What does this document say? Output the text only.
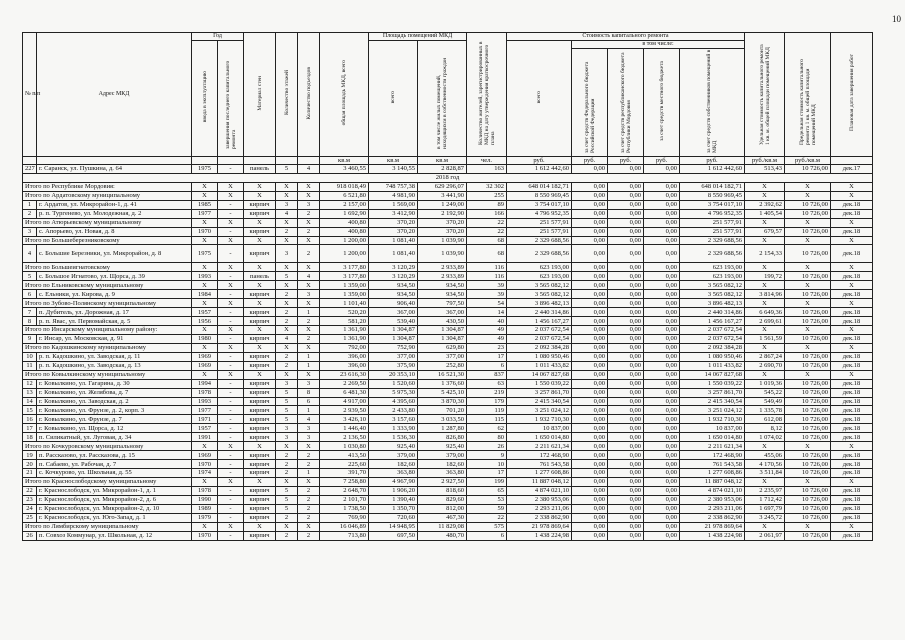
10
№ п/п	Адрес МКД	Год		Материал стен	Количество этажей	Количество подъездов	общая площадь МКД, всего	Площадь помещений МКД		Количество жителей, зарегистрированных в МКД на дату утверждения краткосрочного плана	Стоимость капитального ремонта					Удельная стоимость капитального ремонта 1 кв. м. общей площади помещений МКД	Предельная стоимость капитального ремонта 1 кв. м. общей площади помещений МКД	Плановая дата завершения работ
		ввода в эксплуатацию	завершения последнего капитального ремонта					всего	в том числе жилых помещений, находящихся в собственности граждан		всего	в том числе:						
												за счет средств Федерального бюджета Российской Федерации	за счет средств республиканского бюджета Республики Мордовия	за счет средств местного бюджета	за счет средств собственников помещений в МКД			
							кв.м	кв.м	кв.м	чел.	руб.	руб.	руб.	руб.	руб.	руб./кв.м	руб./кв.м	
227	г. Саранск, ул. Пушкина, д. 64	1975	-	панель	5	4	3 460,55	3 140,55	2 828,87	163	1 612 442,60	0,00	0,00	0,00	1 612 442,60	513,43	10 726,00	дек.17
2018 год																		
Итого по Республике Мордовия:		X	X	X	X	X	918 018,49	748 757,38	629 296,07	32 302	648 014 182,71	0,00	0,00	0,00	648 014 182,71	X	X	X
Итого по Ардатовскому муниципальному		X	X	X	X	X	6 521,80	4 981,90	3 441,90	255	8 550 969,45	0,00	0,00	0,00	8 550 969,45	X	X	X
1	г. Ардатов, ул. Микрорайон-1, д. 41	1985	-	кирпич	3	3	2 157,00	1 569,00	1 249,00	89	3 754 017,10	0,00	0,00	0,00	3 754 017,10	2 392,62	10 726,00	дек.18
2	р. п. Тургенево, ул. Молодежная, д. 2	1977	-	кирпич	4	2	1 692,90	3 412,90	2 192,90	166	4 796 952,35	0,00	0,00	0,00	4 796 952,35	1 405,54	10 726,00	дек.18
Итого по Атюрьевскому муниципальному		X	X	X	X	X	400,80	370,20	370,20	22	251 577,91	0,00	0,00	0,00	251 577,91	X	X	X
3	с. Апорьево, ул. Новая, д. 8	1970	-	кирпич	2	2	400,80	370,20	370,20	22	251 577,91	0,00	0,00	0,00	251 577,91	679,57	10 726,00	дек.18
Итого по Большеберезниковскому		X	X	X	X	X	1 200,00	1 081,40	1 039,90	68	2 329 688,56	0,00	0,00	0,00	2 329 688,56	X	X	X
4	с. Большие Березники, ул. Микрорайон, д. 8	1975	-	кирпич	3	2	1 200,00	1 081,40	1 039,90	68	2 329 688,56	0,00	0,00	0,00	2 329 688,56	2 154,33	10 726,00	дек.18
Итого по Большеигнатовскому		X	X	X	X	X	3 177,80	3 120,29	2 933,89	116	623 193,00	0,00	0,00	0,00	623 193,00	X	X	X
5	с. Большое Игнатово, ул. Щорса, д. 39	1993	-	панель	5	4	3 177,80	3 120,29	2 933,89	116	623 193,00	0,00	0,00	0,00	623 193,00	199,72	10 726,00	дек.18
Итого по Ельниковскому муниципальному		X	X	X	X	X	1 359,00	934,50	934,50	39	3 565 082,12	0,00	0,00	0,00	3 565 082,12	X	X	X
6	с. Ельники, ул. Кирова, д. 9	1984	-	кирпич	2	3	1 359,00	934,50	934,50	39	3 565 082,12	0,00	0,00	0,00	3 565 082,12	3 814,96	10 726,00	дек.18
Итого по Зубово-Полянскому муниципальному		X	X	X	X	X	1 101,40	906,40	797,50	54	3 896 482,13	0,00	0,00	0,00	3 896 482,13	X	X	X
7	п. Дубитель, ул. Дорожная, д. 17	1957	-	кирпич	2	1	520,20	367,00	367,00	14	2 440 314,86	0,00	0,00	0,00	2 440 314,86	6 649,36	10 726,00	дек.18
8	р. п. Явас, ул. Первомайская, д. 5	1956	-	кирпич	2	2	581,20	539,40	430,50	40	1 456 167,27	0,00	0,00	0,00	1 456 167,27	2 699,61	10 726,00	дек.18
Итого по Инсарскому муниципальному району:		X	X	X	X	X	1 361,90	1 304,87	1 304,87	49	2 037 672,54	0,00	0,00	0,00	2 037 672,54	X	X	X
9	г. Инсар, ул. Московская, д. 91	1980	-	кирпич	4	2	1 361,90	1 304,87	1 304,87	49	2 037 672,54	0,00	0,00	0,00	2 037 672,54	1 561,59	10 726,00	дек.18
Итого по Кадошкинскому муниципальному		X	X	X	X	X	792,00	752,90	629,80	23	2 092 384,28	0,00	0,00	0,00	2 092 384,28	X	X	X
10	р. п. Кадошкино, ул. Заводская, д. 11	1969	-	кирпич	2	1	396,00	377,00	377,00	17	1 080 950,46	0,00	0,00	0,00	1 080 950,46	2 867,24	10 726,00	дек.18
11	р. п. Кадошкино, ул. Заводская, д. 13	1969	-	кирпич	2	1	396,00	375,90	252,80	6	1 011 433,82	0,00	0,00	0,00	1 011 433,82	2 690,70	10 726,00	дек.18
Итого по Ковылкинскому муниципальному		X	X	X	X	X	23 616,30	20 353,10	16 521,30	837	14 067 827,68	0,00	0,00	0,00	14 067 827,68	X	X	X
12	г. Ковылкино, ул. Гагарина, д. 30	1994	-	кирпич	3	3	2 269,50	1 520,60	1 376,60	63	1 550 039,22	0,00	0,00	0,00	1 550 039,22	1 019,36	10 726,00	дек.18
13	г. Ковылкино, ул. Желябова, д. 7	1978	-	кирпич	5	8	6 481,30	5 975,30	5 425,10	219	3 257 861,70	0,00	0,00	0,00	3 257 861,70	545,22	10 726,00	дек.18
14	г. Ковылкино, ул. Заводская, д. 2	1993	-	кирпич	5	6	4 917,00	4 395,60	3 870,30	179	2 415 340,54	0,00	0,00	0,00	2 415 340,54	549,49	10 726,00	дек.18
15	г. Ковылкино, ул. Фрунзе, д. 2, корп. 3	1977	-	кирпич	5	1	2 939,50	2 433,80	701,20	119	3 251 024,12	0,00	0,00	0,00	3 251 024,12	1 335,78	10 726,00	дек.18
16	г. Ковылкино, ул. Фрунзе, д. 7	1971	-	кирпич	5	4	3 426,10	3 157,60	3 033,50	115	1 932 710,30	0,00	0,00	0,00	1 932 710,30	612,08	10 726,00	дек.18
17	г. Ковылкино, ул. Щорса, д. 12	1957	-	кирпич	3	3	1 446,40	1 333,90	1 287,80	62	10 837,00	0,00	0,00	0,00	10 837,00	8,12	10 726,00	дек.18
18	п. Силикатный, ул. Луговая, д. 34	1991	-	кирпич	3	3	2 136,50	1 536,30	826,80	80	1 650 014,80	0,00	0,00	0,00	1 650 014,80	1 074,02	10 726,00	дек.18
Итого по Кочкуровскому муниципальному		X	X	X	X	X	1 030,80	925,40	925,40	26	2 211 621,34	0,00	0,00	0,00	2 211 621,34	X	X	X
19	п. Рассказово, ул. Рассказова, д. 15	1969	-	кирпич	2	2	413,50	379,00	379,00	9	172 468,90	0,00	0,00	0,00	172 468,90	455,06	10 726,00	дек.18
20	п. Сабаево, ул. Рабочая, д. 7	1970	-	кирпич	2	2	225,60	182,60	182,60	10	761 543,58	0,00	0,00	0,00	761 543,58	4 170,56	10 726,00	дек.18
21	с. Кочкурово, ул. Школьная, д. 55	1974	-	кирпич	2	1	391,70	363,80	363,80	17	1 277 608,86	0,00	0,00	0,00	1 277 608,86	3 511,84	10 726,00	дек.18
Итого по Краснослободскому муниципальному		X	X	X	X	X	7 258,80	4 967,90	2 927,50	199	11 887 048,12	0,00	0,00	0,00	11 887 048,12	X	X	X
22	г. Краснослободск, ул. Микрорайон-1, д. 1	1978	-	кирпич	5	2	2 648,70	1 906,20	818,60	65	4 874 021,10	0,00	0,00	0,00	4 874 021,10	2 235,97	10 726,00	дек.18
23	г. Краснослободск, ул. Микрорайон-2, д. 6	1990	-	кирпич	5	2	2 101,70	1 390,40	829,60	53	2 380 953,06	0,00	0,00	0,00	2 380 953,06	1 712,42	10 726,00	дек.18
24	г. Краснослободск, ул. Микрорайон-2, д. 10	1989	-	кирпич	5	2	1 738,50	1 350,70	812,00	59	2 293 211,06	0,00	0,00	0,00	2 293 211,06	1 697,79	10 726,00	дек.18
25	г. Краснослободск, ул. Юго-Запад, д. 1	1979	-	кирпич	2	2	769,90	720,60	467,30	22	2 338 862,90	0,00	0,00	0,00	2 338 862,90	3 245,72	10 726,00	дек.18
Итого по Лямбирскому муниципальному		X	X	X	X	X	16 046,89	14 948,95	11 829,08	575	21 978 869,64	0,00	0,00	0,00	21 978 869,64	X	X	X
26	п. Совхоз Коммунар, ул. Школьная, д. 12	1970	-	кирпич	2	2	713,80	697,50	480,70	6	1 438 224,98	0,00	0,00	0,00	1 438 224,98	2 061,97	10 726,00	дек.18
